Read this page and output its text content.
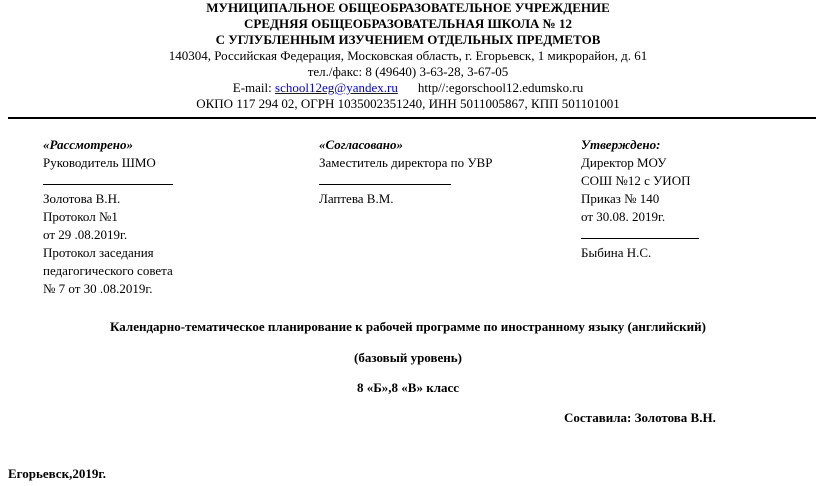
МУНИЦИПАЛЬНОЕ ОБЩЕОБРАЗОВАТЕЛЬНОЕ УЧРЕЖДЕНИЕ
СРЕДНЯЯ ОБЩЕОБРАЗОВАТЕЛЬНАЯ ШКОЛА № 12
С УГЛУБЛЕННЫМ ИЗУЧЕНИЕМ ОТДЕЛЬНЫХ ПРЕДМЕТОВ
140304, Российская Федерация, Московская область, г. Егорьевск, 1 микрорайон, д. 61
тел./факс: 8 (49640) 3-63-28, 3-67-05
E-mail: school12eg@yandex.ru http//:egorschool12.edumsko.ru
ОКПО 117 294 02, ОГРН 1035002351240, ИНН 5011005867, КПП 501101001
«Рассмотрено»
Руководитель ШМО
Золотова В.Н.
Протокол №1
от 29 .08.2019г.
Протокол заседания
педагогического совета
№ 7 от 30 .08.2019г.
«Согласовано»
Заместитель директора по УВР
Лаптева В.М.
Утверждено:
Директор МОУ
СОШ №12 с УИОП
Приказ № 140
от 30.08. 2019г.
Быбина Н.С.
Календарно-тематическое планирование к рабочей программе по иностранному языку (английский)
(базовый уровень)
8 «Б»,8 «В» класс
Составила: Золотова В.Н.
Егорьевск,2019г.
